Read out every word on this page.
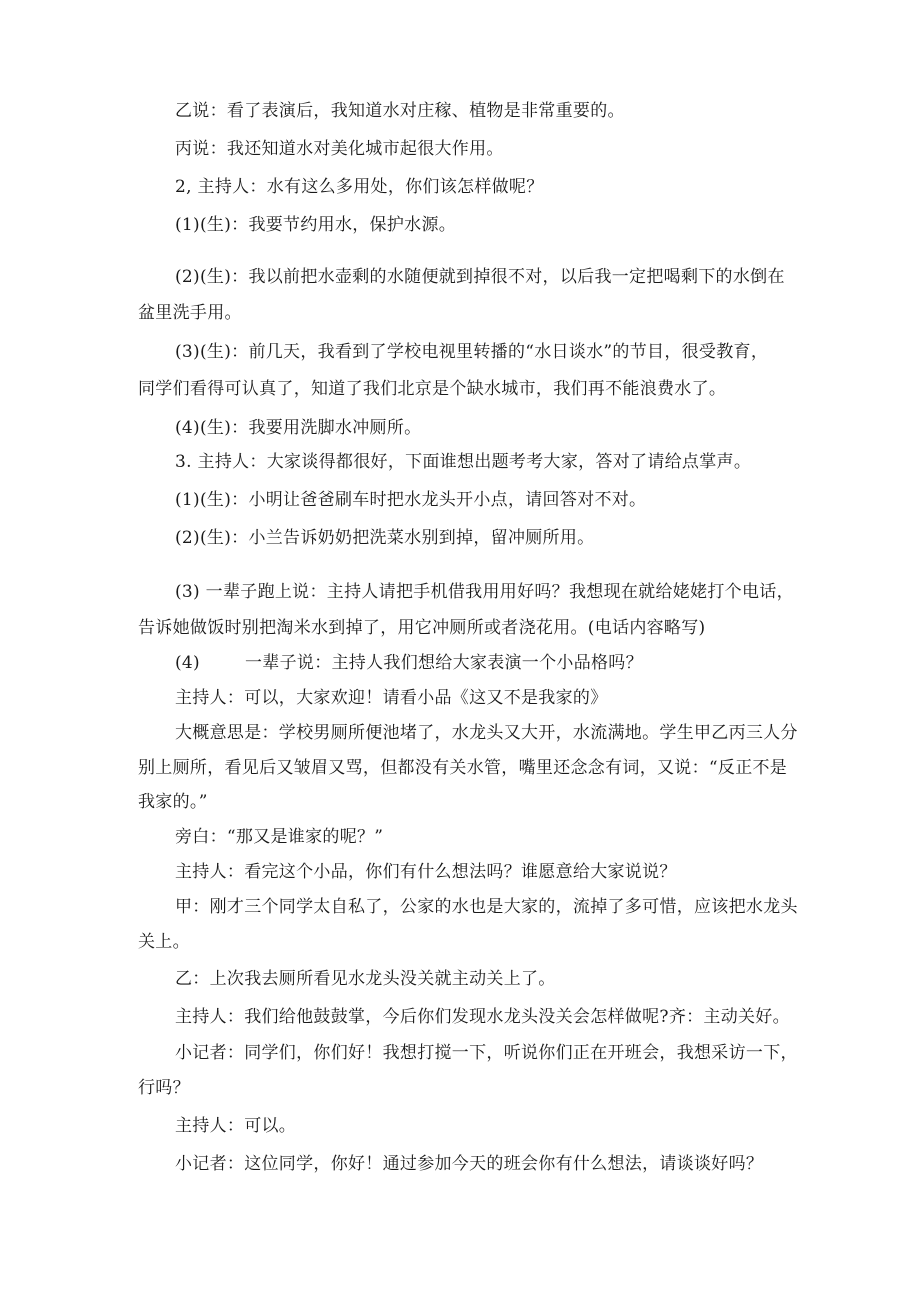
乙说：看了表演后，我知道水对庄稼、植物是非常重要的。
丙说：我还知道水对美化城市起很大作用。
2, 主持人：水有这么多用处，你们该怎样做呢？
(1)(生)：我要节约用水，保护水源。
(2)(生)：我以前把水壶剩的水随便就到掉很不对，以后我一定把喝剩下的水倒在
盆里洗手用。
(3)(生)：前几天，我看到了学校电视里转播的“水日谈水”的节目，很受教育，
同学们看得可认真了，知道了我们北京是个缺水城市，我们再不能浪费水了。
(4)(生)：我要用洗脚水冲厕所。
3. 主持人：大家谈得都很好，下面谁想出题考考大家，答对了请给点掌声。
(1)(生)：小明让爸爸刷车时把水龙头开小点，请回答对不对。
(2)(生)：小兰告诉奶奶把洗菜水别到掉，留冲厕所用。
(3) 一辈子跑上说：主持人请把手机借我用用好吗？我想现在就给姥姥打个电话，
告诉她做饭时别把淘米水到掉了，用它冲厕所或者浇花用。(电话内容略写)
(4)	一辈子说：主持人我们想给大家表演一个小品格吗？
主持人：可以，大家欢迎！请看小品《这又不是我家的》
大概意思是：学校男厕所便池堵了，水龙头又大开，水流满地。学生甲乙丙三人分
别上厕所，看见后又皱眉又骂，但都没有关水管，嘴里还念念有词，又说：“反正不是
我家的。”
旁白：“那又是谁家的呢？”
主持人：看完这个小品，你们有什么想法吗？谁愿意给大家说说？
甲：刚才三个同学太自私了，公家的水也是大家的，流掉了多可惜，应该把水龙头
关上。
乙：上次我去厕所看见水龙头没关就主动关上了。
主持人：我们给他鼓鼓掌，今后你们发现水龙头没关会怎样做呢?齐：主动关好。
小记者：同学们，你们好！我想打搅一下，听说你们正在开班会，我想采访一下，
行吗？
主持人：可以。
小记者：这位同学，你好！通过参加今天的班会你有什么想法，请谈谈好吗？
